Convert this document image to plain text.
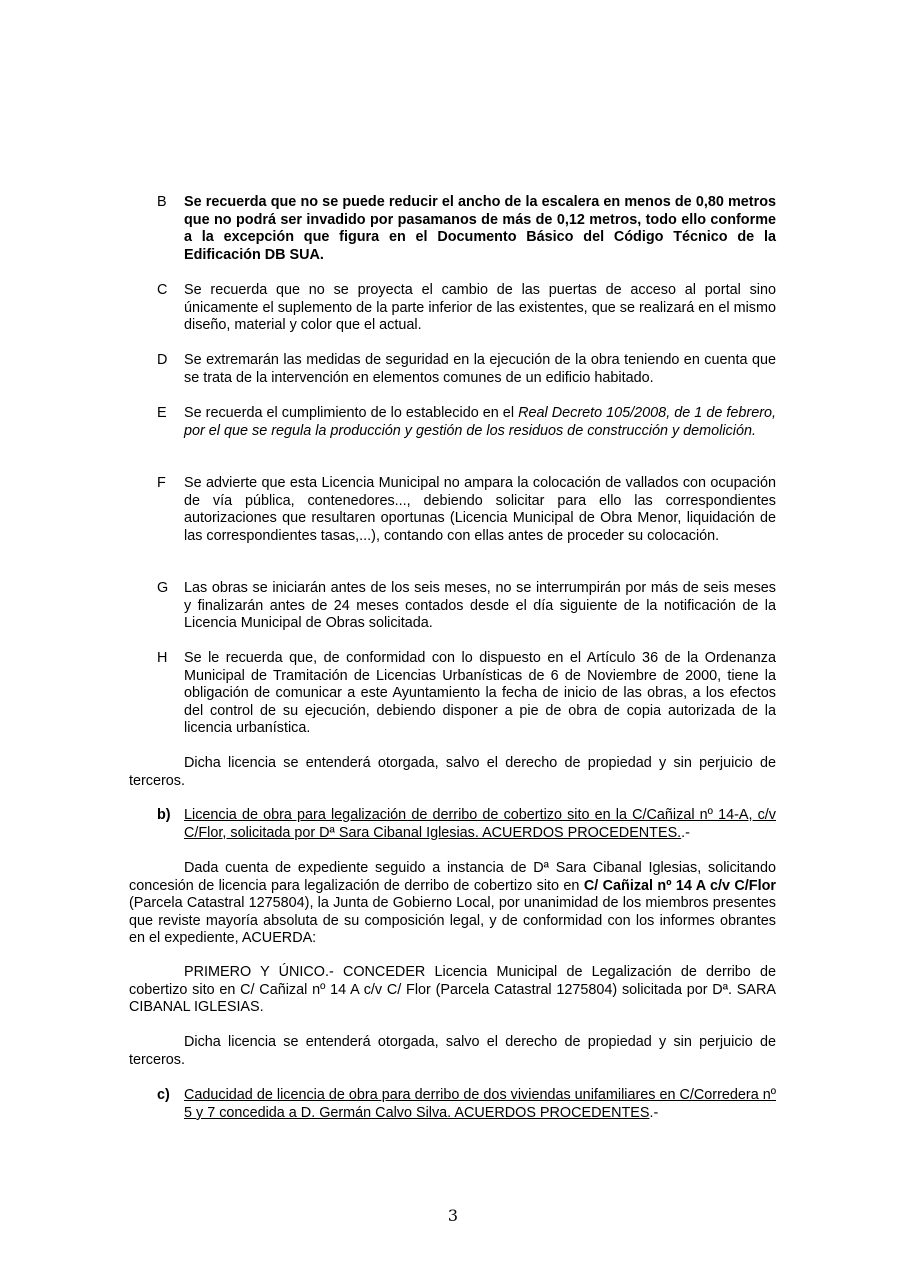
B	Se recuerda que no se puede reducir el ancho de la escalera en menos de 0,80 metros que no podrá ser invadido por pasamanos de más de 0,12 metros, todo ello conforme a la excepción que figura en el Documento Básico del Código Técnico de la Edificación DB SUA.
C	Se recuerda que no se proyecta el cambio de las puertas de acceso al portal sino únicamente el suplemento de la parte inferior de las existentes, que se realizará en el mismo diseño, material y color que el actual.
D	Se extremarán las medidas de seguridad en la ejecución de la obra teniendo en cuenta que se trata de la intervención en elementos comunes de un edificio habitado.
E	Se recuerda el cumplimiento de lo establecido en el Real Decreto 105/2008, de 1 de febrero, por el que se regula la producción y gestión de los residuos de construcción y demolición.
F	Se advierte que esta Licencia Municipal no ampara la colocación de vallados con ocupación de vía pública, contenedores..., debiendo solicitar para ello las correspondientes autorizaciones que resultaren oportunas (Licencia Municipal de Obra Menor, liquidación de las correspondientes tasas,...), contando con ellas antes de proceder su colocación.
G	Las obras se iniciarán antes de los seis meses, no se interrumpirán por más de seis meses y finalizarán antes de 24 meses contados desde el día siguiente de la notificación de la Licencia Municipal de Obras solicitada.
H	Se le recuerda que, de conformidad con lo dispuesto en el Artículo 36 de la Ordenanza Municipal de Tramitación de Licencias Urbanísticas de 6 de Noviembre de 2000, tiene la obligación de comunicar a este Ayuntamiento la fecha de inicio de las obras, a los efectos del control de su ejecución, debiendo disponer a pie de obra de copia autorizada de la licencia urbanística.
Dicha licencia se entenderá otorgada, salvo el derecho de propiedad y sin perjuicio de terceros.
b) Licencia de obra para legalización de derribo de cobertizo sito en la C/Cañizal nº 14-A, c/v C/Flor, solicitada por Dª Sara Cibanal Iglesias. ACUERDOS PROCEDENTES..-
Dada cuenta de expediente seguido a instancia de Dª Sara Cibanal Iglesias, solicitando concesión de licencia para legalización de derribo de cobertizo sito en C/ Cañizal nº 14 A c/v C/Flor (Parcela Catastral 1275804), la Junta de Gobierno Local, por unanimidad de los miembros presentes que reviste mayoría absoluta de su composición legal, y de conformidad con los informes obrantes en el expediente, ACUERDA:
PRIMERO Y ÚNICO.- CONCEDER Licencia Municipal de Legalización de derribo de cobertizo sito en C/ Cañizal nº 14 A c/v C/ Flor (Parcela Catastral 1275804) solicitada por Dª. SARA CIBANAL IGLESIAS.
Dicha licencia se entenderá otorgada, salvo el derecho de propiedad y sin perjuicio de terceros.
c) Caducidad de licencia de obra para derribo de dos viviendas unifamiliares en C/Corredera nº 5 y 7 concedida a D. Germán Calvo Silva. ACUERDOS PROCEDENTES.-
3
